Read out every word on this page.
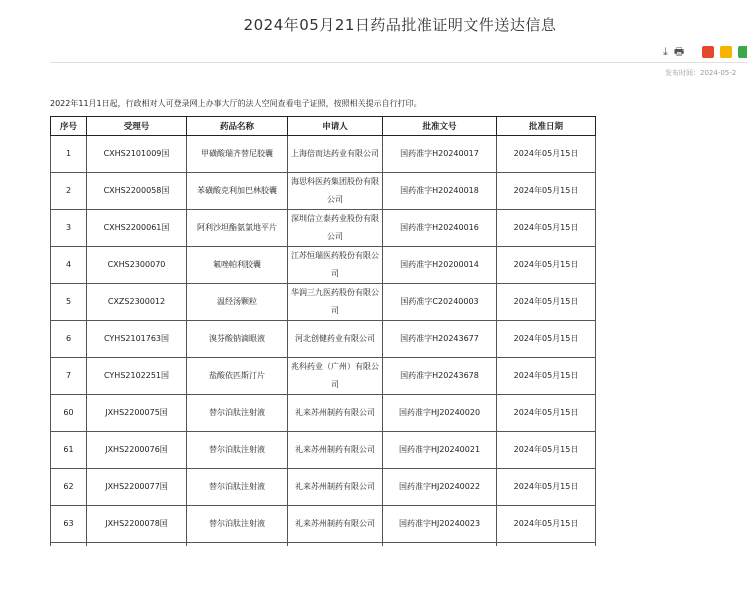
2024年05月21日药品批准证明文件送达信息
⤓ 🖶
发布时间：2024-05-2
2022年11月1日起，行政相对人可登录网上办事大厅的法人空间查看电子证照，按照相关提示自行打印。
序号	受理号	药品名称	申请人	批准文号	批准日期

1	CXHS2101009国	甲磺酸瑞齐替尼胶囊	上海倍而达药业有限公司	国药准字H20240017	2024年05月15日

2	CXHS2200058国	苯磺酸克利加巴林胶囊	海思科医药集团股份有限公司	国药准字H20240018	2024年05月15日

3	CXHS2200061国	阿利沙坦酯氨氯地平片	深圳信立泰药业股份有限公司	国药准字H20240016	2024年05月15日

4	CXHS2300070	氟唑帕利胶囊	江苏恒瑞医药股份有限公司	国药准字H20200014	2024年05月15日

5	CXZS2300012	温经汤颗粒	华润三九医药股份有限公司	国药准字C20240003	2024年05月15日

6	CYHS2101763国	溴芬酸钠滴眼液	河北创健药业有限公司	国药准字H20243677	2024年05月15日

7	CYHS2102251国	盐酸依匹斯汀片	兆科药业（广州）有限公司	国药准字H20243678	2024年05月15日

60	JXHS2200075国	替尔泊肽注射液	礼来苏州制药有限公司	国药准字HJ20240020	2024年05月15日

61	JXHS2200076国	替尔泊肽注射液	礼来苏州制药有限公司	国药准字HJ20240021	2024年05月15日

62	JXHS2200077国	替尔泊肽注射液	礼来苏州制药有限公司	国药准字HJ20240022	2024年05月15日

63	JXHS2200078国	替尔泊肽注射液	礼来苏州制药有限公司	国药准字HJ20240023	2024年05月15日
